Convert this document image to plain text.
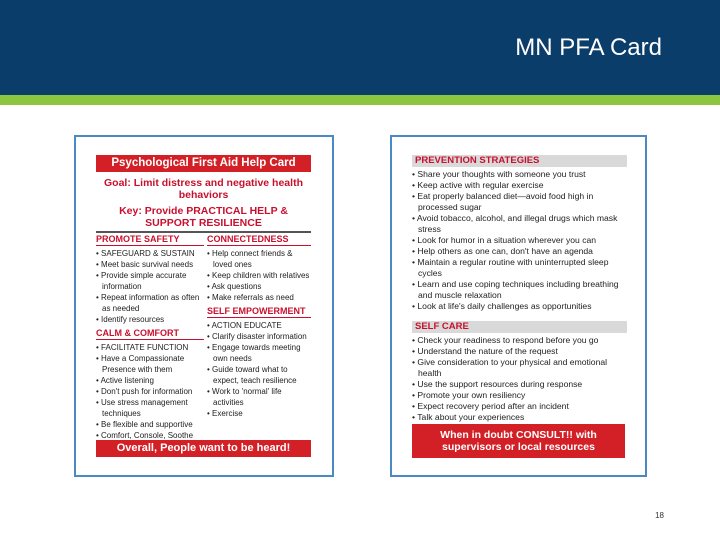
MN PFA Card
Psychological First Aid Help Card
Goal: Limit distress and negative health behaviors
Key: Provide PRACTICAL HELP & SUPPORT RESILIENCE
PROMOTE SAFETY
• SAFEGUARD & SUSTAIN
• Meet basic survival needs
• Provide simple accurate information
• Repeat information as often as needed
• Identify resources
CALM & COMFORT
• FACILITATE FUNCTION
• Have a Compassionate Presence with them
• Active listening
• Don't push for information
• Use stress management techniques
• Be flexible and supportive
• Comfort, Console, Soothe
CONNECTEDNESS
• Help connect friends & loved ones
• Keep children with relatives
• Ask questions
• Make referrals as need
SELF EMPOWERMENT
• ACTION EDUCATE
• Clarify disaster information
• Engage towards meeting own needs
• Guide toward what to expect, teach resilience
• Work to 'normal' life activities
• Exercise
Overall, People want to be heard!
PREVENTION STRATEGIES
• Share your thoughts with someone you trust
• Keep active with regular exercise
• Eat properly balanced diet—avoid food high in processed sugar
• Avoid tobacco, alcohol, and illegal drugs which mask stress
• Look for humor in a situation wherever you can
• Help others as one can, don't have an agenda
• Maintain a regular routine with uninterrupted sleep cycles
• Learn and use coping techniques including breathing and muscle relaxation
• Look at life's daily challenges as opportunities
SELF CARE
• Check your readiness to respond before you go
• Understand the nature of the request
• Give consideration to your physical and emotional health
• Use the support resources during response
• Promote your own resiliency
• Expect recovery period after an incident
• Talk about your experiences
When in doubt CONSULT!! with supervisors or local resources
18
